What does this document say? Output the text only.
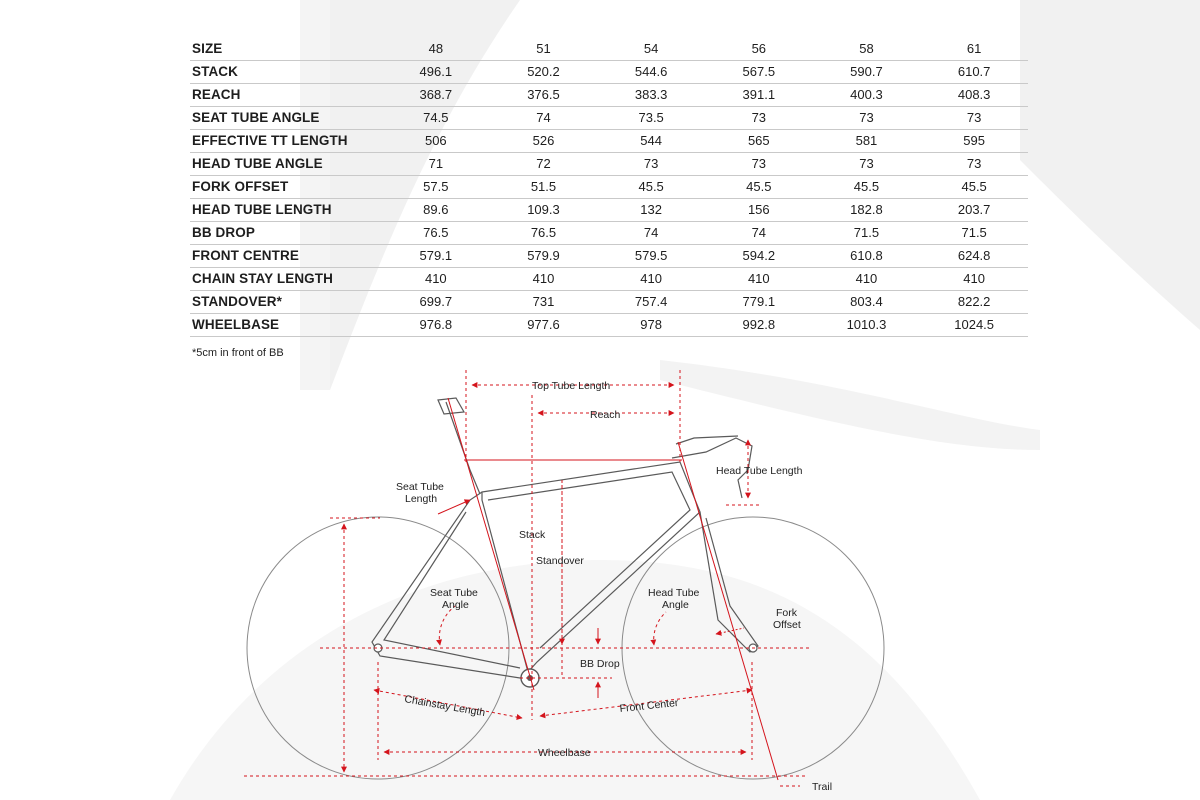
SIZE	48	51	54	56	58	61
STACK	496.1	520.2	544.6	567.5	590.7	610.7
REACH	368.7	376.5	383.3	391.1	400.3	408.3
SEAT TUBE ANGLE	74.5	74	73.5	73	73	73
EFFECTIVE TT LENGTH	506	526	544	565	581	595
HEAD TUBE ANGLE	71	72	73	73	73	73
FORK OFFSET	57.5	51.5	45.5	45.5	45.5	45.5
HEAD TUBE LENGTH	89.6	109.3	132	156	182.8	203.7
BB DROP	76.5	76.5	74	74	71.5	71.5
FRONT CENTRE	579.1	579.9	579.5	594.2	610.8	624.8
CHAIN STAY LENGTH	410	410	410	410	410	410
STANDOVER*	699.7	731	757.4	779.1	803.4	822.2
WHEELBASE	976.8	977.6	978	992.8	1010.3	1024.5
*5cm in front of BB
Top Tube Length
Reach
Head Tube Length
Seat Tube
Length
Stack
Standover
Seat Tube
Angle
Head Tube
Angle
Fork
Offset
BB Drop
Chainstay Length	Front Center
Wheelbase
Trail
